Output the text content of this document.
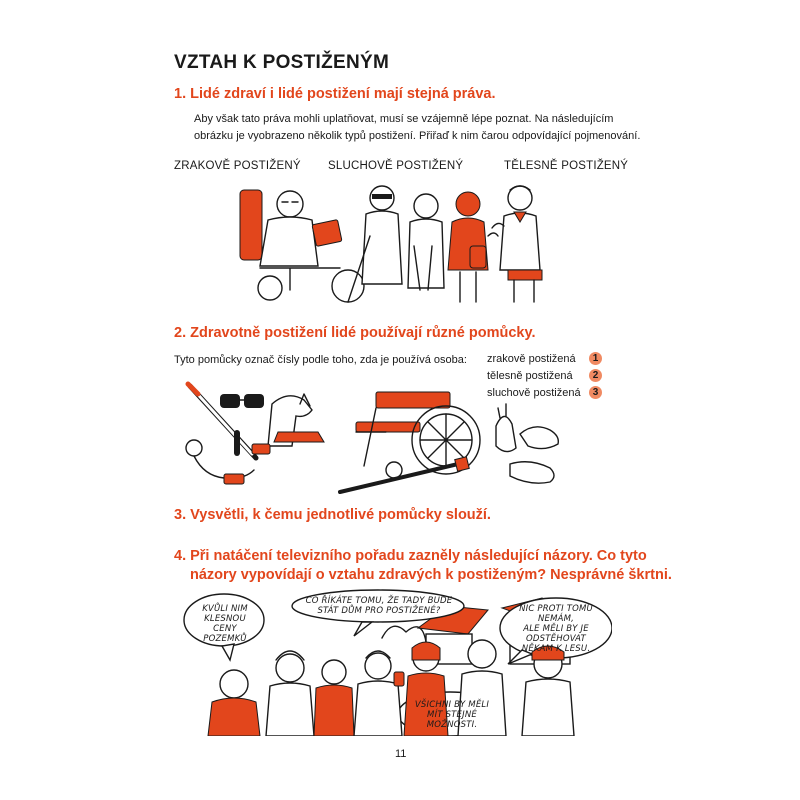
VZTAH K POSTIŽENÝM
1. Lidé zdraví i lidé postižení mají stejná práva.
Aby však tato práva mohli uplatňovat, musí se vzájemně lépe poznat. Na následujícím
obrázku je vyobrazeno několik typů postižení. Přiřaď k nim čarou odpovídající pojmenování.
ZRAKOVĚ POSTIŽENÝ SLUCHOVĚ POSTIŽENÝ	TĚLESNĚ POSTIŽENÝ
2. Zdravotně postižení lidé používají různé pomůcky.
Tyto pomůcky označ čísly podle toho, zda je používá osoba: zrakově postižená	1
tělesně postižená	2
sluchově postižená	3
3. Vysvětli, k čemu jednotlivé pomůcky slouží.
4. Při natáčení televizního pořadu zazněly následující názory. Co tyto
názory vypovídají o vztahu zdravých k postiženým? Nesprávné škrtni.
KVŮLI NIM
KLESNOU
CENY
POZEMKŮ
CO ŘÍKÁTE TOMU, ŽE TADY BUDE
STÁT DŮM PRO POSTIŽENÉ?	NIC PROTI TOMU NEMÁM,
ALE MĚLI BY JE
ODSTĚHOVAT
NĚKAM K LESU.
VŠICHNI BY MĚLI
MÍT STEJNÉ
MOŽNOSTI.
11
